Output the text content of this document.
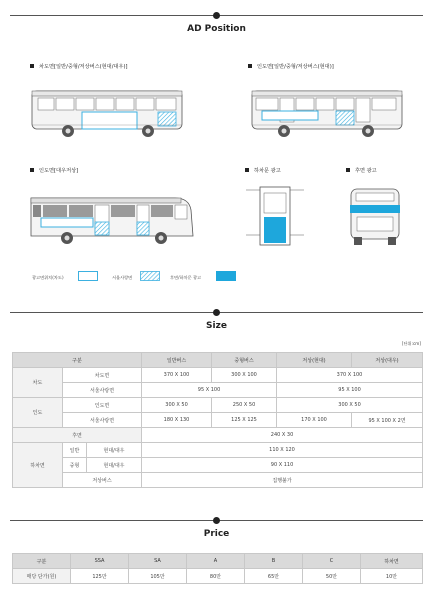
AD Position
차도면[일반/중형/저상버스(현대/대우)]	인도면[일반/중형/저상버스(현대)]
인도면[대우저상]	하차문 광고	후면 광고
광고면위치(차도)	서울사랑면	후면/하차문 광고
Size
[단위:cm]
구분			일반버스	중형버스	저상(현대)	저상(대우)
차도	차도면		370 X 100	300 X 100	370 X 100	
	서울사랑면		95 X 100		95 X 100	
인도	인도면		300 X 50	250 X 50	300 X 50	
	서울사랑면		180 X 130	125 X 125	170 X 100	95 X 100 X 2면
후면			240 X 30			
하차면	일반	현대/대우	110 X 120			
	중형	현대/대우	90 X 110			
	저상버스		집행불가			
Price
구분	SSA	SA	A	B	C	하차면
매당 단가(원)	125만	105만	80만	65만	50만	10만
